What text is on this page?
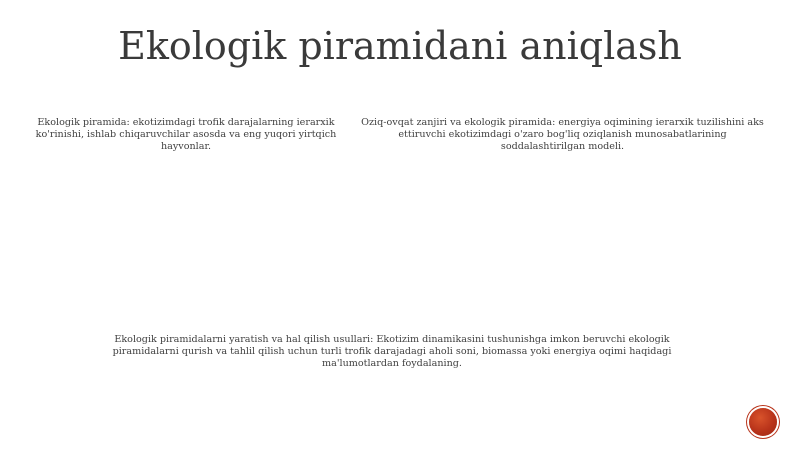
Ekologik piramidani aniqlash
Ekologik piramida: ekotizimdagi trofik darajalarning ierarxik ko'rinishi, ishlab chiqaruvchilar asosda va eng yuqori yirtqich hayvonlar.
Oziq-ovqat zanjiri va ekologik piramida: energiya oqimining ierarxik tuzilishini aks ettiruvchi ekotizimdagi o'zaro bog'liq oziqlanish munosabatlarining soddalashtirilgan modeli.
Ekologik piramidalarni yaratish va hal qilish usullari: Ekotizim dinamikasini tushunishga imkon beruvchi ekologik piramidalarni qurish va tahlil qilish uchun turli trofik darajadagi aholi soni, biomassa yoki energiya oqimi haqidagi ma'lumotlardan foydalaning.
